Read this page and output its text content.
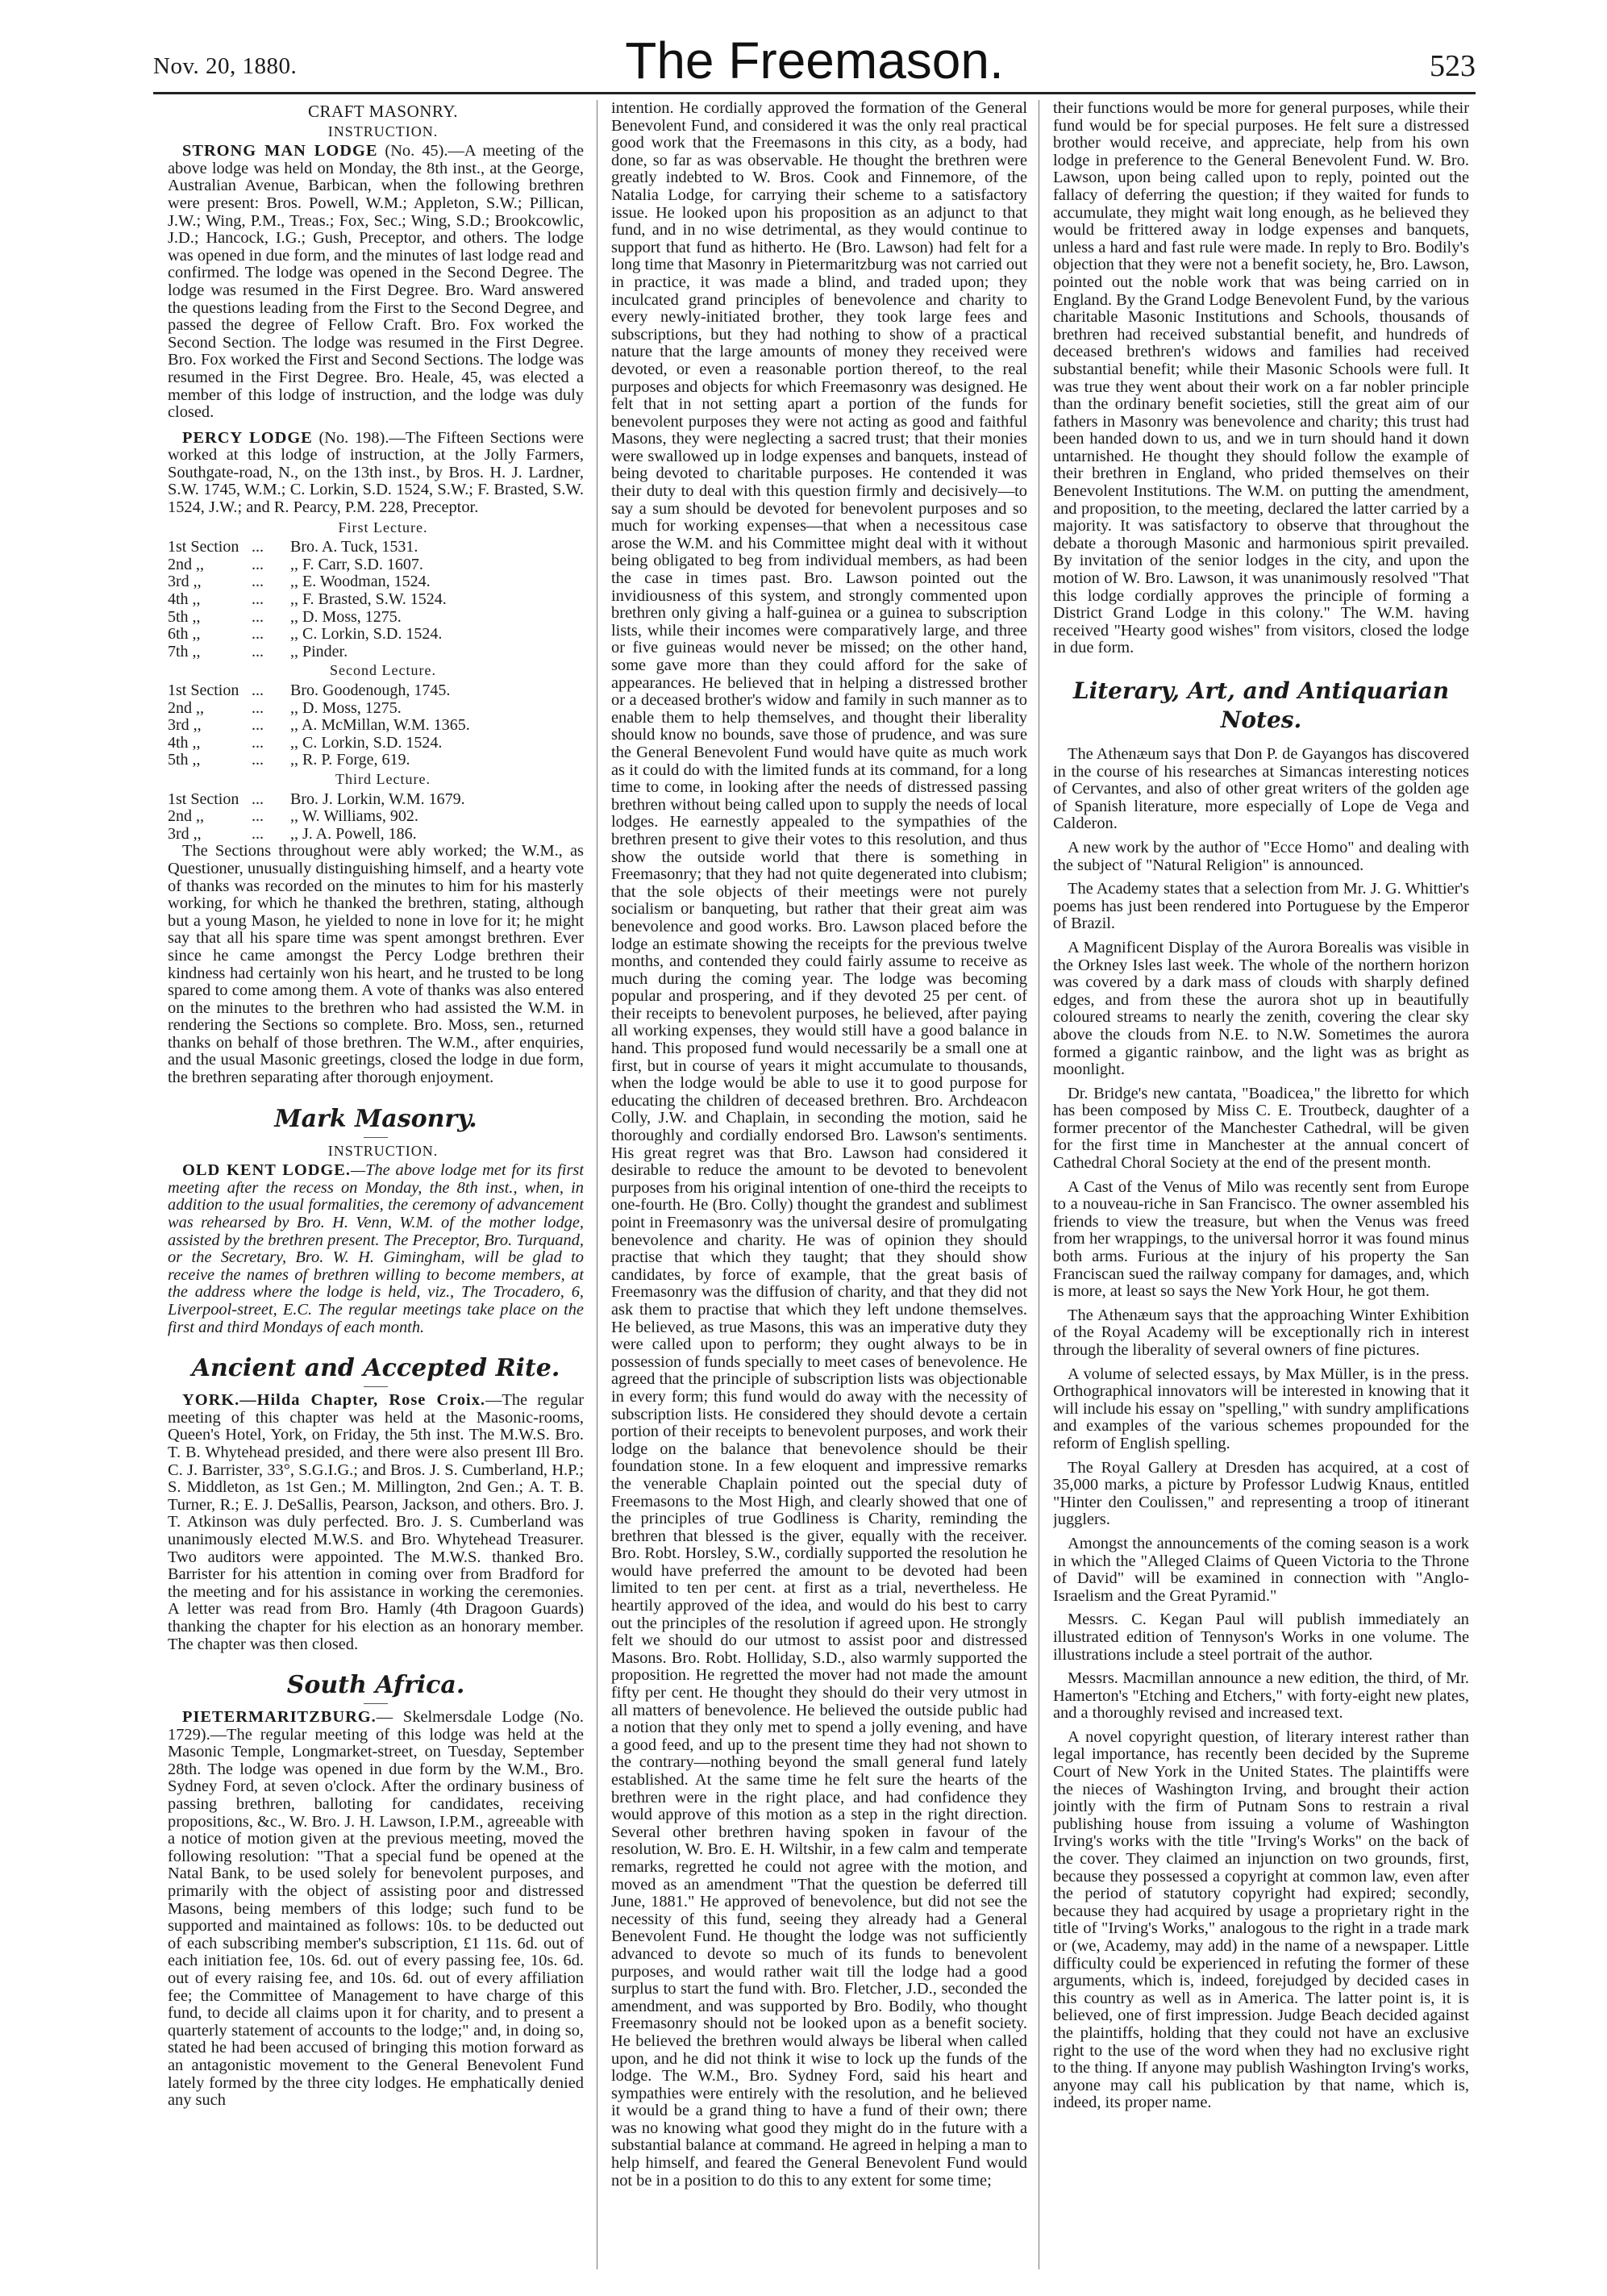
Nov. 20, 1880.	The Freemason.	523

CRAFT MASONRY.

INSTRUCTION.

STRONG MAN LODGE (No. 45).—A meeting of the above lodge was held on Monday, the 8th inst., at the George, Australian Avenue, Barbican, when the following brethren were present: Bros. Powell, W.M.; Appleton, S.W.; Pillican, J.W.; Wing, P.M., Treas.; Fox, Sec.; Wing, S.D.; Brookcowlic, J.D.; Hancock, I.G.; Gush, Preceptor, and others. The lodge was opened in due form, and the minutes of last lodge read and confirmed. The lodge was opened in the Second Degree. The lodge was resumed in the First Degree. Bro. Ward answered the questions leading from the First to the Second Degree, and passed the degree of Fellow Craft. Bro. Fox worked the Second Section. The lodge was resumed in the First Degree. Bro. Fox worked the First and Second Sections. The lodge was resumed in the First Degree. Bro. Heale, 45, was elected a member of this lodge of instruction, and the lodge was duly closed.

PERCY LODGE (No. 198).—The Fifteen Sections were worked at this lodge of instruction, at the Jolly Farmers, Southgate-road, N., on the 13th inst., by Bros. H. J. Lardner, S.W. 1745, W.M.; C. Lorkin, S.D. 1524, S.W.; F. Brasted, S.W. 1524, J.W.; and R. Pearcy, P.M. 228, Preceptor.

First Lecture.

1st Section ...	Bro. A. Tuck, 1531.
2nd ,,	...	,, F. Carr, S.D. 1607.
3rd ,,	...	,, E. Woodman, 1524.
4th ,,	...	,, F. Brasted, S.W. 1524.
5th ,,	...	,, D. Moss, 1275.
6th ,,	...	,, C. Lorkin, S.D. 1524.
7th ,,	...	,, Pinder.

Second Lecture.

1st Section ...	Bro. Goodenough, 1745.
2nd ,,	...	,, D. Moss, 1275.
3rd ,,	...	,, A. McMillan, W.M. 1365.
4th ,,	...	,, C. Lorkin, S.D. 1524.
5th ,,	...	,, R. P. Forge, 619.

Third Lecture.

1st Section ...	Bro. J. Lorkin, W.M. 1679.
2nd ,,	...	,, W. Williams, 902.
3rd ,,	...	,, J. A. Powell, 186.

The Sections throughout were ably worked; the W.M., as Questioner, unusually distinguishing himself, and a hearty vote of thanks was recorded on the minutes to him for his masterly working, for which he thanked the brethren, stating, although but a young Mason, he yielded to none in love for it; he might say that all his spare time was spent amongst brethren. Ever since he came amongst the Percy Lodge brethren their kindness had certainly won his heart, and he trusted to be long spared to come among them. A vote of thanks was also entered on the minutes to the brethren who had assisted the W.M. in rendering the Sections so complete. Bro. Moss, sen., returned thanks on behalf of those brethren. The W.M., after enquiries, and the usual Masonic greetings, closed the lodge in due form, the brethren separating after thorough enjoyment.

Mark Masonry.

INSTRUCTION.

OLD KENT LODGE.—The above lodge met for its first meeting after the recess on Monday, the 8th inst., when, in addition to the usual formalities, the ceremony of advancement was rehearsed by Bro. H. Venn, W.M. of the mother lodge, assisted by the brethren present. The Preceptor, Bro. Turquand, or the Secretary, Bro. W. H. Gimingham, will be glad to receive the names of brethren willing to become members, at the address where the lodge is held, viz., The Trocadero, 6, Liverpool-street, E.C. The regular meetings take place on the first and third Mondays of each month.

Ancient and Accepted Rite.

YORK.—Hilda Chapter, Rose Croix.—The regular meeting of this chapter was held at the Masonic-rooms, Queen's Hotel, York, on Friday, the 5th inst. The M.W.S. Bro. T. B. Whytehead presided, and there were also present Ill Bro. C. J. Barrister, 33°, S.G.I.G.; and Bros. J. S. Cumberland, H.P.; S. Middleton, as 1st Gen.; M. Millington, 2nd Gen.; A. T. B. Turner, R.; E. J. DeSallis, Pearson, Jackson, and others. Bro. J. T. Atkinson was duly perfected. Bro. J. S. Cumberland was unanimously elected M.W.S. and Bro. Whytehead Treasurer. Two auditors were appointed. The M.W.S. thanked Bro. Barrister for his attention in coming over from Bradford for the meeting and for his assistance in working the ceremonies. A letter was read from Bro. Hamly (4th Dragoon Guards) thanking the chapter for his election as an honorary member. The chapter was then closed.

South Africa.

PIETERMARITZBURG.— Skelmersdale Lodge (No. 1729).—The regular meeting of this lodge was held at the Masonic Temple, Longmarket-street, on Tuesday, September 28th. The lodge was opened in due form by the W.M., Bro. Sydney Ford, at seven o'clock. After the ordinary business of passing brethren, balloting for candidates, receiving propositions, &c., W. Bro. J. H. Lawson, I.P.M., agreeable with a notice of motion given at the previous meeting, moved the following resolution: "That a special fund be opened at the Natal Bank, to be used solely for benevolent purposes, and primarily with the object of assisting poor and distressed Masons, being members of this lodge; such fund to be supported and maintained as follows: 10s. to be deducted out of each subscribing member's subscription, £1 11s. 6d. out of each initiation fee, 10s. 6d. out of every passing fee, 10s. 6d. out of every raising fee, and 10s. 6d. out of every affiliation fee; the Committee of Management to have charge of this fund, to decide all claims upon it for charity, and to present a quarterly statement of accounts to the lodge;" and, in doing so, stated he had been accused of bringing this motion forward as an antagonistic movement to the General Benevolent Fund lately formed by the three city lodges. He emphatically denied any such

intention. He cordially approved the formation of the General Benevolent Fund, and considered it was the only real practical good work that the Freemasons in this city, as a body, had done, so far as was observable. He thought the brethren were greatly indebted to W. Bros. Cook and Finnemore, of the Natalia Lodge, for carrying their scheme to a satisfactory issue. He looked upon his proposition as an adjunct to that fund, and in no wise detrimental, as they would continue to support that fund as hitherto. He (Bro. Lawson) had felt for a long time that Masonry in Pietermaritzburg was not carried out in practice, it was made a blind, and traded upon; they inculcated grand principles of benevolence and charity to every newly-initiated brother, they took large fees and subscriptions, but they had nothing to show of a practical nature that the large amounts of money they received were devoted, or even a reasonable portion thereof, to the real purposes and objects for which Freemasonry was designed. He felt that in not setting apart a portion of the funds for benevolent purposes they were not acting as good and faithful Masons, they were neglecting a sacred trust; that their monies were swallowed up in lodge expenses and banquets, instead of being devoted to charitable purposes. He contended it was their duty to deal with this question firmly and decisively—to say a sum should be devoted for benevolent purposes and so much for working expenses—that when a necessitous case arose the W.M. and his Committee might deal with it without being obligated to beg from individual members, as had been the case in times past. Bro. Lawson pointed out the invidiousness of this system, and strongly commented upon brethren only giving a half-guinea or a guinea to subscription lists, while their incomes were comparatively large, and three or five guineas would never be missed; on the other hand, some gave more than they could afford for the sake of appearances. He believed that in helping a distressed brother or a deceased brother's widow and family in such manner as to enable them to help themselves, and thought their liberality should know no bounds, save those of prudence, and was sure the General Benevolent Fund would have quite as much work as it could do with the limited funds at its command, for a long time to come, in looking after the needs of distressed passing brethren without being called upon to supply the needs of local lodges. He earnestly appealed to the sympathies of the brethren present to give their votes to this resolution, and thus show the outside world that there is something in Freemasonry; that they had not quite degenerated into clubism; that the sole objects of their meetings were not purely socialism or banqueting, but rather that their great aim was benevolence and good works. Bro. Lawson placed before the lodge an estimate showing the receipts for the previous twelve months, and contended they could fairly assume to receive as much during the coming year. The lodge was becoming popular and prospering, and if they devoted 25 per cent. of their receipts to benevolent purposes, he believed, after paying all working expenses, they would still have a good balance in hand. This proposed fund would necessarily be a small one at first, but in course of years it might accumulate to thousands, when the lodge would be able to use it to good purpose for educating the children of deceased brethren. Bro. Archdeacon Colly, J.W. and Chaplain, in seconding the motion, said he thoroughly and cordially endorsed Bro. Lawson's sentiments. His great regret was that Bro. Lawson had considered it desirable to reduce the amount to be devoted to benevolent purposes from his original intention of one-third the receipts to one-fourth. He (Bro. Colly) thought the grandest and sublimest point in Freemasonry was the universal desire of promulgating benevolence and charity. He was of opinion they should practise that which they taught; that they should show candidates, by force of example, that the great basis of Freemasonry was the diffusion of charity, and that they did not ask them to practise that which they left undone themselves. He believed, as true Masons, this was an imperative duty they were called upon to perform; they ought always to be in possession of funds specially to meet cases of benevolence. He agreed that the principle of subscription lists was objectionable in every form; this fund would do away with the necessity of subscription lists. He considered they should devote a certain portion of their receipts to benevolent purposes, and work their lodge on the balance that benevolence should be their foundation stone. In a few eloquent and impressive remarks the venerable Chaplain pointed out the special duty of Freemasons to the Most High, and clearly showed that one of the principles of true Godliness is Charity, reminding the brethren that blessed is the giver, equally with the receiver. Bro. Robt. Horsley, S.W., cordially supported the resolution he would have preferred the amount to be devoted had been limited to ten per cent. at first as a trial, nevertheless. He heartily approved of the idea, and would do his best to carry out the principles of the resolution if agreed upon. He strongly felt we should do our utmost to assist poor and distressed Masons. Bro. Robt. Holliday, S.D., also warmly supported the proposition. He regretted the mover had not made the amount fifty per cent. He thought they should do their very utmost in all matters of benevolence. He believed the outside public had a notion that they only met to spend a jolly evening, and have a good feed, and up to the present time they had not shown to the contrary—nothing beyond the small general fund lately established. At the same time he felt sure the hearts of the brethren were in the right place, and had confidence they would approve of this motion as a step in the right direction. Several other brethren having spoken in favour of the resolution, W. Bro. E. H. Wiltshir, in a few calm and temperate remarks, regretted he could not agree with the motion, and moved as an amendment "That the question be deferred till June, 1881." He approved of benevolence, but did not see the necessity of this fund, seeing they already had a General Benevolent Fund. He thought the lodge was not sufficiently advanced to devote so much of its funds to benevolent purposes, and would rather wait till the lodge had a good surplus to start the fund with. Bro. Fletcher, J.D., seconded the amendment, and was supported by Bro. Bodily, who thought Freemasonry should not be looked upon as a benefit society. He believed the brethren would always be liberal when called upon, and he did not think it wise to lock up the funds of the lodge. The W.M., Bro. Sydney Ford, said his heart and sympathies were entirely with the resolution, and he believed it would be a grand thing to have a fund of their own; there was no knowing what good they might do in the future with a substantial balance at command. He agreed in helping a man to help himself, and feared the General Benevolent Fund would not be in a position to do this to any extent for some time;

their functions would be more for general purposes, while their fund would be for special purposes. He felt sure a distressed brother would receive, and appreciate, help from his own lodge in preference to the General Benevolent Fund. W. Bro. Lawson, upon being called upon to reply, pointed out the fallacy of deferring the question; if they waited for funds to accumulate, they might wait long enough, as he believed they would be frittered away in lodge expenses and banquets, unless a hard and fast rule were made. In reply to Bro. Bodily's objection that they were not a benefit society, he, Bro. Lawson, pointed out the noble work that was being carried on in England. By the Grand Lodge Benevolent Fund, by the various charitable Masonic Institutions and Schools, thousands of brethren had received substantial benefit, and hundreds of deceased brethren's widows and families had received substantial benefit; while their Masonic Schools were full. It was true they went about their work on a far nobler principle than the ordinary benefit societies, still the great aim of our fathers in Masonry was benevolence and charity; this trust had been handed down to us, and we in turn should hand it down untarnished. He thought they should follow the example of their brethren in England, who prided themselves on their Benevolent Institutions. The W.M. on putting the amendment, and proposition, to the meeting, declared the latter carried by a majority. It was satisfactory to observe that throughout the debate a thorough Masonic and harmonious spirit prevailed. By invitation of the senior lodges in the city, and upon the motion of W. Bro. Lawson, it was unanimously resolved "That this lodge cordially approves the principle of forming a District Grand Lodge in this colony." The W.M. having received "Hearty good wishes" from visitors, closed the lodge in due form.

Literary, Art, and Antiquarian Notes.

The Athenæum says that Don P. de Gayangos has discovered in the course of his researches at Simancas interesting notices of Cervantes, and also of other great writers of the golden age of Spanish literature, more especially of Lope de Vega and Calderon.

A new work by the author of "Ecce Homo" and dealing with the subject of "Natural Religion" is announced.

The Academy states that a selection from Mr. J. G. Whittier's poems has just been rendered into Portuguese by the Emperor of Brazil.

A Magnificent Display of the Aurora Borealis was visible in the Orkney Isles last week. The whole of the northern horizon was covered by a dark mass of clouds with sharply defined edges, and from these the aurora shot up in beautifully coloured streams to nearly the zenith, covering the clear sky above the clouds from N.E. to N.W. Sometimes the aurora formed a gigantic rainbow, and the light was as bright as moonlight.

Dr. Bridge's new cantata, "Boadicea," the libretto for which has been composed by Miss C. E. Troutbeck, daughter of a former precentor of the Manchester Cathedral, will be given for the first time in Manchester at the annual concert of Cathedral Choral Society at the end of the present month.

A Cast of the Venus of Milo was recently sent from Europe to a nouveau-riche in San Francisco. The owner assembled his friends to view the treasure, but when the Venus was freed from her wrappings, to the universal horror it was found minus both arms. Furious at the injury of his property the San Franciscan sued the railway company for damages, and, which is more, at least so says the New York Hour, he got them.

The Athenæum says that the approaching Winter Exhibition of the Royal Academy will be exceptionally rich in interest through the liberality of several owners of fine pictures.

A volume of selected essays, by Max Müller, is in the press. Orthographical innovators will be interested in knowing that it will include his essay on "spelling," with sundry amplifications and examples of the various schemes propounded for the reform of English spelling.

The Royal Gallery at Dresden has acquired, at a cost of 35,000 marks, a picture by Professor Ludwig Knaus, entitled "Hinter den Coulissen," and representing a troop of itinerant jugglers.

Amongst the announcements of the coming season is a work in which the "Alleged Claims of Queen Victoria to the Throne of David" will be examined in connection with "Anglo-Israelism and the Great Pyramid."

Messrs. C. Kegan Paul will publish immediately an illustrated edition of Tennyson's Works in one volume. The illustrations include a steel portrait of the author.

Messrs. Macmillan announce a new edition, the third, of Mr. Hamerton's "Etching and Etchers," with forty-eight new plates, and a thoroughly revised and increased text.

A novel copyright question, of literary interest rather than legal importance, has recently been decided by the Supreme Court of New York in the United States. The plaintiffs were the nieces of Washington Irving, and brought their action jointly with the firm of Putnam Sons to restrain a rival publishing house from issuing a volume of Washington Irving's works with the title "Irving's Works" on the back of the cover. They claimed an injunction on two grounds, first, because they possessed a copyright at common law, even after the period of statutory copyright had expired; secondly, because they had acquired by usage a proprietary right in the title of "Irving's Works," analogous to the right in a trade mark or (we, Academy, may add) in the name of a newspaper. Little difficulty could be experienced in refuting the former of these arguments, which is, indeed, forejudged by decided cases in this country as well as in America. The latter point is, it is believed, one of first impression. Judge Beach decided against the plaintiffs, holding that they could not have an exclusive right to the use of the word when they had no exclusive right to the thing. If anyone may publish Washington Irving's works, anyone may call his publication by that name, which is, indeed, its proper name.
